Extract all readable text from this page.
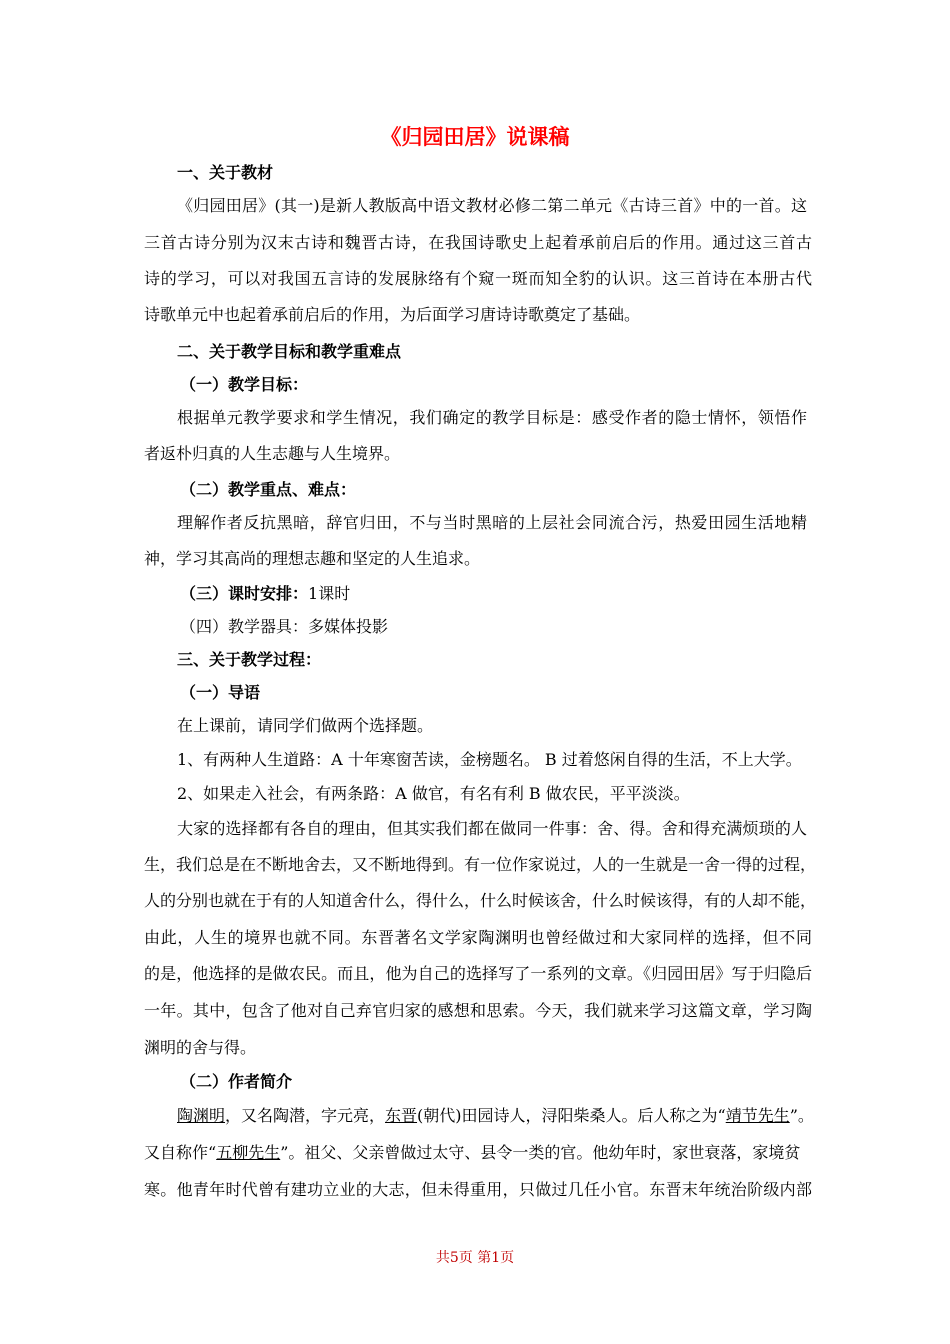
《归园田居》说课稿
一、关于教材
《归园田居》(其一)是新人教版高中语文教材必修二第二单元《古诗三首》中的一首。这
三首古诗分别为汉末古诗和魏晋古诗，在我国诗歌史上起着承前启后的作用。通过这三首古
诗的学习，可以对我国五言诗的发展脉络有个窥一斑而知全豹的认识。这三首诗在本册古代
诗歌单元中也起着承前启后的作用，为后面学习唐诗诗歌奠定了基础。
二、关于教学目标和教学重难点
（一）教学目标：
根据单元教学要求和学生情况，我们确定的教学目标是：感受作者的隐士情怀，领悟作
者返朴归真的人生志趣与人生境界。
（二）教学重点、难点：
理解作者反抗黑暗，辞官归田，不与当时黑暗的上层社会同流合污，热爱田园生活地精
神，学习其高尚的理想志趣和坚定的人生追求。
（三）课时安排：1课时
（四）教学器具：多媒体投影
三、关于教学过程：
（一）导语
在上课前，请同学们做两个选择题。
1、有两种人生道路：A 十年寒窗苦读，金榜题名。 B 过着悠闲自得的生活，不上大学。
2、如果走入社会，有两条路：A 做官，有名有利 B 做农民，平平淡淡。
大家的选择都有各自的理由，但其实我们都在做同一件事：舍、得。舍和得充满烦琐的人
生，我们总是在不断地舍去，又不断地得到。有一位作家说过，人的一生就是一舍一得的过程，
人的分别也就在于有的人知道舍什么，得什么，什么时候该舍，什么时候该得，有的人却不能，
由此，人生的境界也就不同。东晋著名文学家陶渊明也曾经做过和大家同样的选择，但不同
的是，他选择的是做农民。而且，他为自己的选择写了一系列的文章。《归园田居》写于归隐后
一年。其中，包含了他对自己弃官归家的感想和思索。今天，我们就来学习这篇文章，学习陶
渊明的舍与得。
（二）作者简介
陶渊明，又名陶潜，字元亮，东晋(朝代)田园诗人，浔阳柴桑人。后人称之为“靖节先生”。
又自称作“五柳先生”。祖父、父亲曾做过太守、县令一类的官。他幼年时，家世衰落，家境贫
寒。他青年时代曾有建功立业的大志，但未得重用，只做过几任小官。东晋末年统治阶级内部
共5页 第1页
